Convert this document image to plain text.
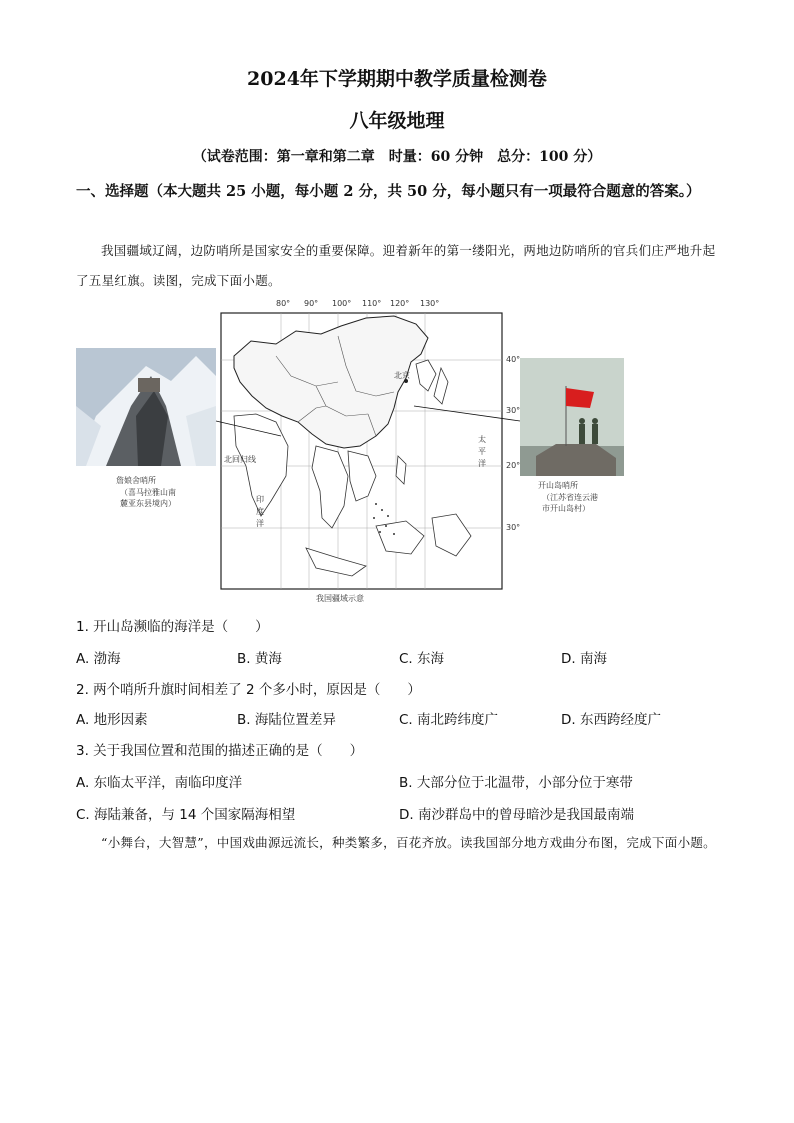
2024年下学期期中教学质量检测卷
八年级地理
（试卷范围：第一章和第二章　时量：60 分钟　总分：100 分）
一、选择题（本大题共 25 小题，每小题 2 分，共 50 分，每小题只有一项最符合题意的答案。）
我国疆域辽阔，边防哨所是国家安全的重要保障。迎着新年的第一缕阳光，两地边防哨所的官兵们庄严地升起了五星红旗。读图，完成下面小题。
詹娘舍哨所
（喜马拉雅山南
麓亚东县境内）
80° 90° 100° 110° 120° 130°
北京
北回归线
太
平
洋
印
度
洋
40°
30°
20°
30°
开山岛哨所
（江苏省连云港
市开山岛村）
我国疆域示意
1. 开山岛濒临的海洋是（　　）
A. 渤海	B. 黄海	C. 东海	D. 南海
2. 两个哨所升旗时间相差了 2 个多小时，原因是（　　）
A. 地形因素	B. 海陆位置差异	C. 南北跨纬度广	D. 东西跨经度广
3. 关于我国位置和范围的描述正确的是（　　）
A. 东临太平洋，南临印度洋	B. 大部分位于北温带，小部分位于寒带
C. 海陆兼备，与 14 个国家隔海相望	D. 南沙群岛中的曾母暗沙是我国最南端
“小舞台，大智慧”，中国戏曲源远流长，种类繁多，百花齐放。读我国部分地方戏曲分布图，完成下面小题。
